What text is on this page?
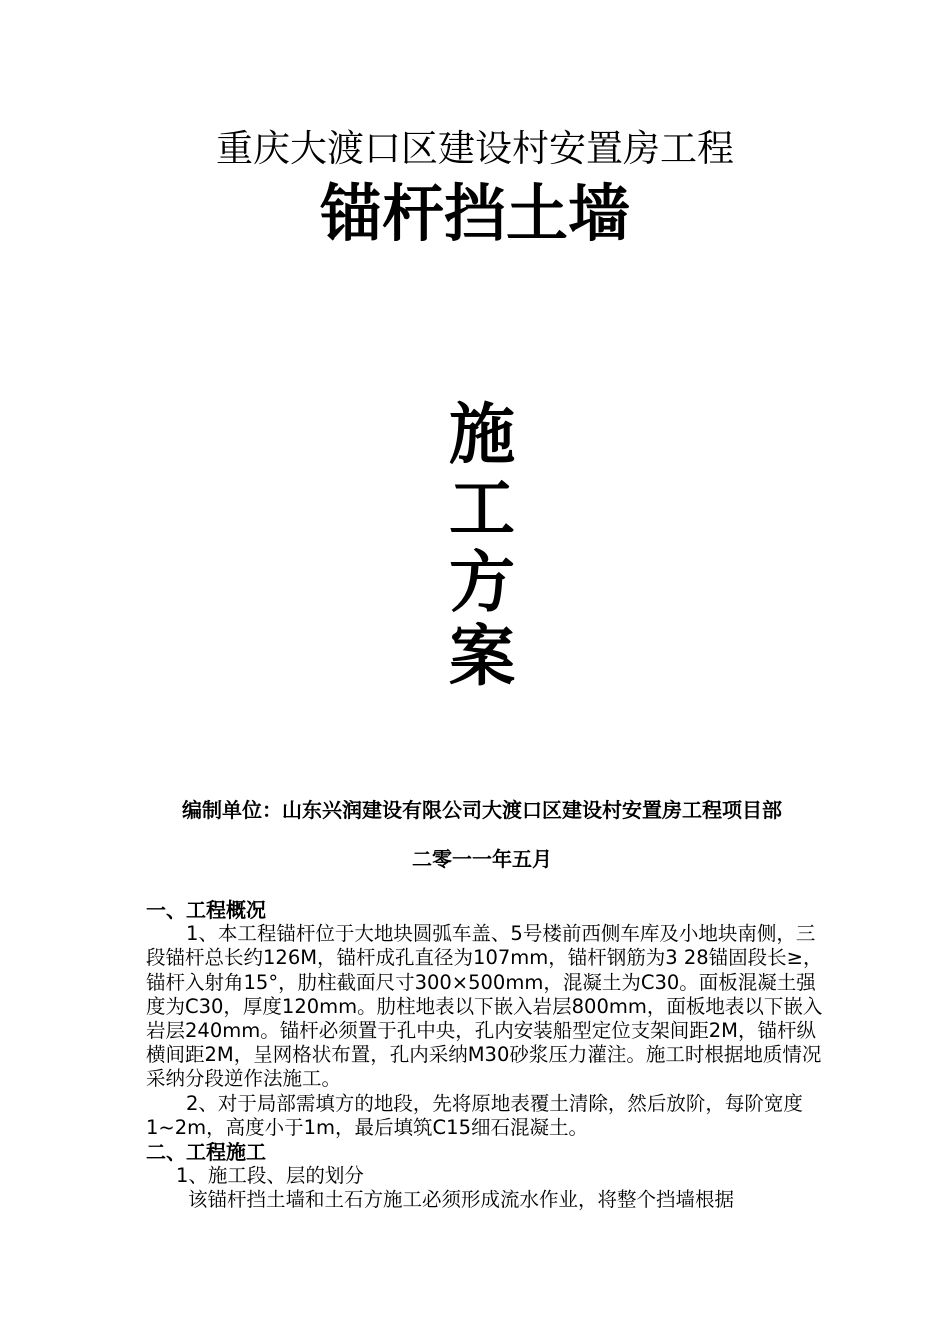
重庆大渡口区建设村安置房工程
锚杆挡土墙
施
工
方
案
编制单位：山东兴润建设有限公司大渡口区建设村安置房工程项目部
二零一一年五月
一、工程概况
1、本工程锚杆位于大地块圆弧车盖、5号楼前西侧车库及小地块南侧，三段锚杆总长约126M，锚杆成孔直径为107mm，锚杆钢筋为3 28锚固段长≥，锚杆入射角15°，肋柱截面尺寸300×500mm，混凝土为C30。面板混凝土强度为C30，厚度120mm。肋柱地表以下嵌入岩层800mm，面板地表以下嵌入岩层240mm。锚杆必须置于孔中央，孔内安装船型定位支架间距2M，锚杆纵横间距2M，呈网格状布置，孔内采纳M30砂浆压力灌注。施工时根据地质情况采纳分段逆作法施工。
2、对于局部需填方的地段，先将原地表覆土清除，然后放阶，每阶宽度1~2m，高度小于1m，最后填筑C15细石混凝土。
二、工程施工
1、施工段、层的划分
该锚杆挡土墙和土石方施工必须形成流水作业，将整个挡墙根据
